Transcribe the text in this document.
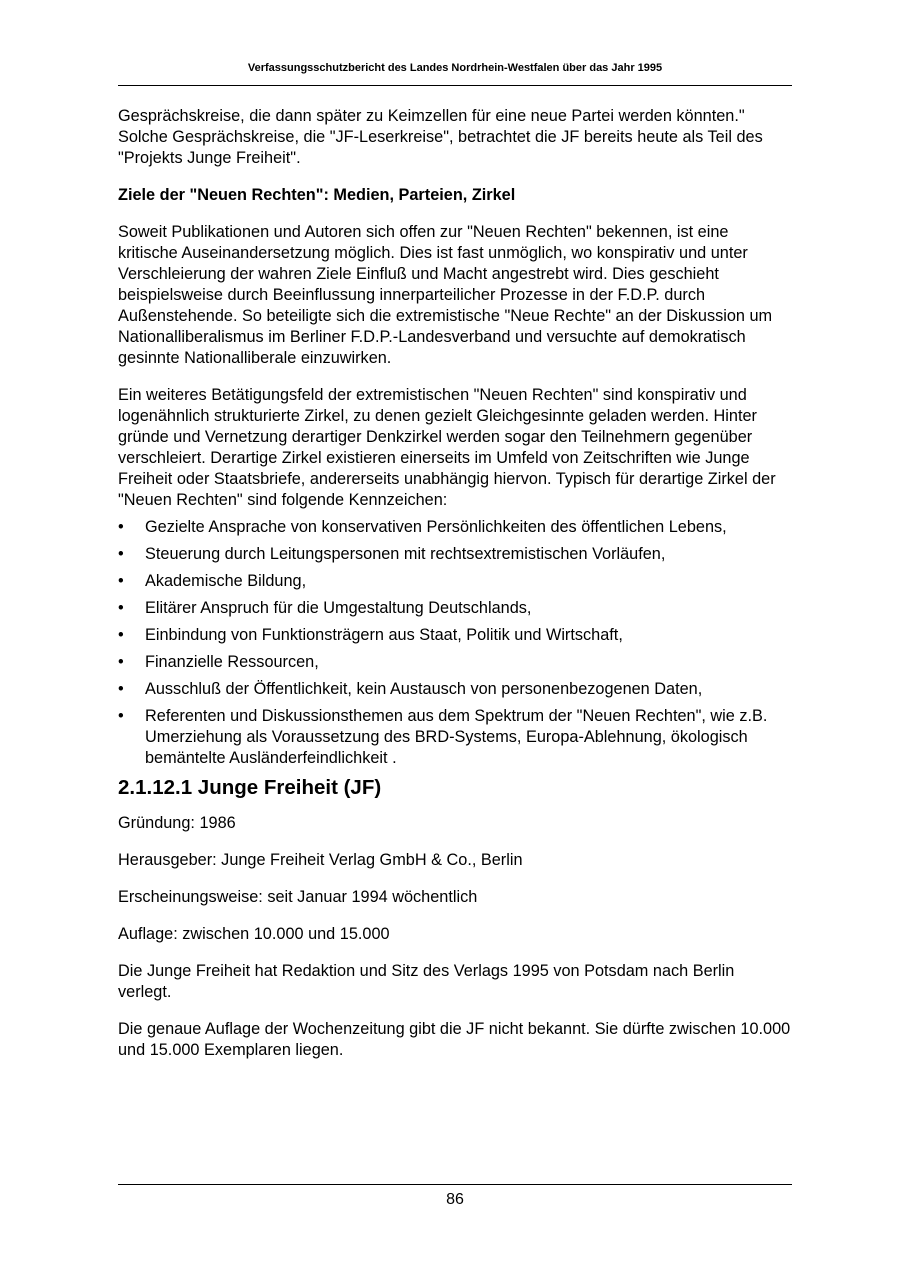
Verfassungsschutzbericht des Landes Nordrhein-Westfalen über das Jahr 1995

Gesprächskreise, die dann später zu Keimzellen für eine neue Partei werden könnten." Solche Gesprächskreise, die "JF-Leserkreise", betrachtet die JF bereits heute als Teil des "Projekts Junge Freiheit".

Ziele der "Neuen Rechten": Medien, Parteien, Zirkel

Soweit Publikationen und Autoren sich offen zur "Neuen Rechten" bekennen, ist eine kritische Auseinandersetzung möglich. Dies ist fast unmöglich, wo konspirativ und unter Verschleierung der wahren Ziele Einfluß und Macht angestrebt wird. Dies geschieht beispielsweise durch Beeinflussung innerparteilicher Prozesse in der F.D.P. durch Außenstehende. So beteiligte sich die extremistische "Neue Rechte" an der Diskussion um Nationalliberalismus im Berliner F.D.P.-Landesverband und versuchte auf demokratisch gesinnte Nationalliberale einzuwirken.

Ein weiteres Betätigungsfeld der extremistischen "Neuen Rechten" sind konspirativ und logenähnlich strukturierte Zirkel, zu denen gezielt Gleichgesinnte geladen werden. Hinter gründe und Vernetzung derartiger Denkzirkel werden sogar den Teilnehmern gegenüber verschleiert. Derartige Zirkel existieren einerseits im Umfeld von Zeitschriften wie Junge Freiheit oder Staatsbriefe, andererseits unabhängig hiervon. Typisch für derartige Zirkel der "Neuen Rechten" sind folgende Kennzeichen:

• Gezielte Ansprache von konservativen Persönlichkeiten des öffentlichen Lebens,
• Steuerung durch Leitungspersonen mit rechtsextremistischen Vorläufen,
• Akademische Bildung,
• Elitärer Anspruch für die Umgestaltung Deutschlands,
• Einbindung von Funktionsträgern aus Staat, Politik und Wirtschaft,
• Finanzielle Ressourcen,
• Ausschluß der Öffentlichkeit, kein Austausch von personenbezogenen Daten,
• Referenten und Diskussionsthemen aus dem Spektrum der "Neuen Rechten", wie z.B. Umerziehung als Voraussetzung des BRD-Systems, Europa-Ablehnung, ökologisch bemäntelte Ausländerfeindlichkeit .
2.1.12.1 Junge Freiheit (JF)

Gründung: 1986

Herausgeber: Junge Freiheit Verlag GmbH & Co., Berlin

Erscheinungsweise: seit Januar 1994 wöchentlich

Auflage: zwischen 10.000 und 15.000

Die Junge Freiheit hat Redaktion und Sitz des Verlags 1995 von Potsdam nach Berlin verlegt.

Die genaue Auflage der Wochenzeitung gibt die JF nicht bekannt. Sie dürfte zwischen 10.000 und 15.000 Exemplaren liegen.

86
